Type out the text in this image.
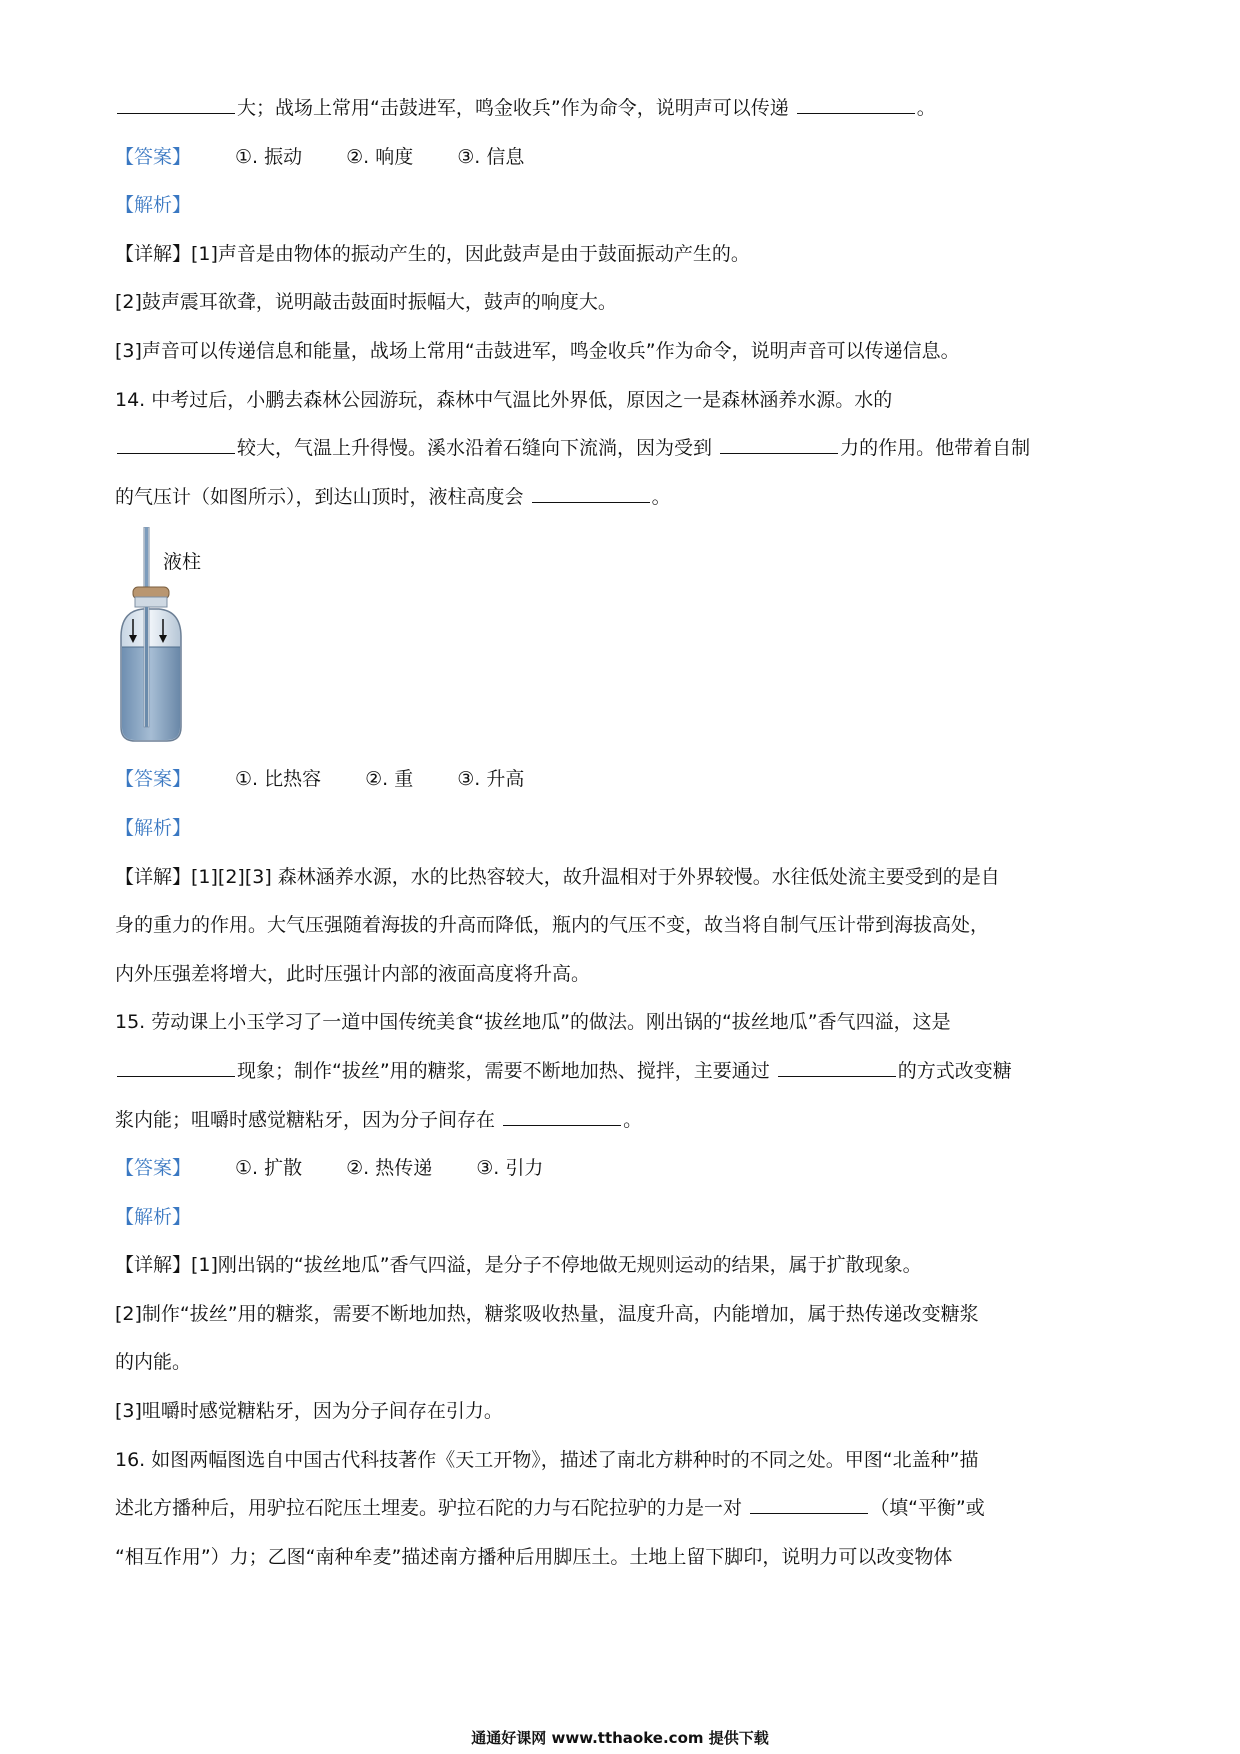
大；战场上常用“击鼓进军，鸣金收兵”作为命令，说明声可以传递	。
【答案】 ①. 振动 ②. 响度 ③. 信息
【解析】
【详解】[1]声音是由物体的振动产生的，因此鼓声是由于鼓面振动产生的。
[2]鼓声震耳欲聋，说明敲击鼓面时振幅大，鼓声的响度大。
[3]声音可以传递信息和能量，战场上常用“击鼓进军，鸣金收兵”作为命令，说明声音可以传递信息。
14. 中考过后，小鹏去森林公园游玩，森林中气温比外界低，原因之一是森林涵养水源。水的
较大，气温上升得慢。溪水沿着石缝向下流淌，因为受到	力的作用。他带着自制
的气压计（如图所示），到达山顶时，液柱高度会	。
液柱
【答案】 ①. 比热容 ②. 重 ③. 升高
【解析】
【详解】[1][2][3] 森林涵养水源，水的比热容较大，故升温相对于外界较慢。水往低处流主要受到的是自
身的重力的作用。大气压强随着海拔的升高而降低，瓶内的气压不变，故当将自制气压计带到海拔高处，
内外压强差将增大，此时压强计内部的液面高度将升高。
15. 劳动课上小玉学习了一道中国传统美食“拔丝地瓜”的做法。刚出锅的“拔丝地瓜”香气四溢，这是
现象；制作“拔丝”用的糖浆，需要不断地加热、搅拌，主要通过	的方式改变糖
浆内能；咀嚼时感觉糖粘牙，因为分子间存在	。
【答案】 ①. 扩散 ②. 热传递 ③. 引力
【解析】
【详解】[1]刚出锅的“拔丝地瓜”香气四溢，是分子不停地做无规则运动的结果，属于扩散现象。
[2]制作“拔丝”用的糖浆，需要不断地加热，糖浆吸收热量，温度升高，内能增加，属于热传递改变糖浆
的内能。
[3]咀嚼时感觉糖粘牙，因为分子间存在引力。
16. 如图两幅图选自中国古代科技著作《天工开物》，描述了南北方耕种时的不同之处。甲图“北盖种”描
述北方播种后，用驴拉石陀压土埋麦。驴拉石陀的力与石陀拉驴的力是一对	（填“平衡”或
“相互作用”）力；乙图“南种牟麦”描述南方播种后用脚压土。土地上留下脚印，说明力可以改变物体
通通好课网 www.tthaoke.com 提供下载
